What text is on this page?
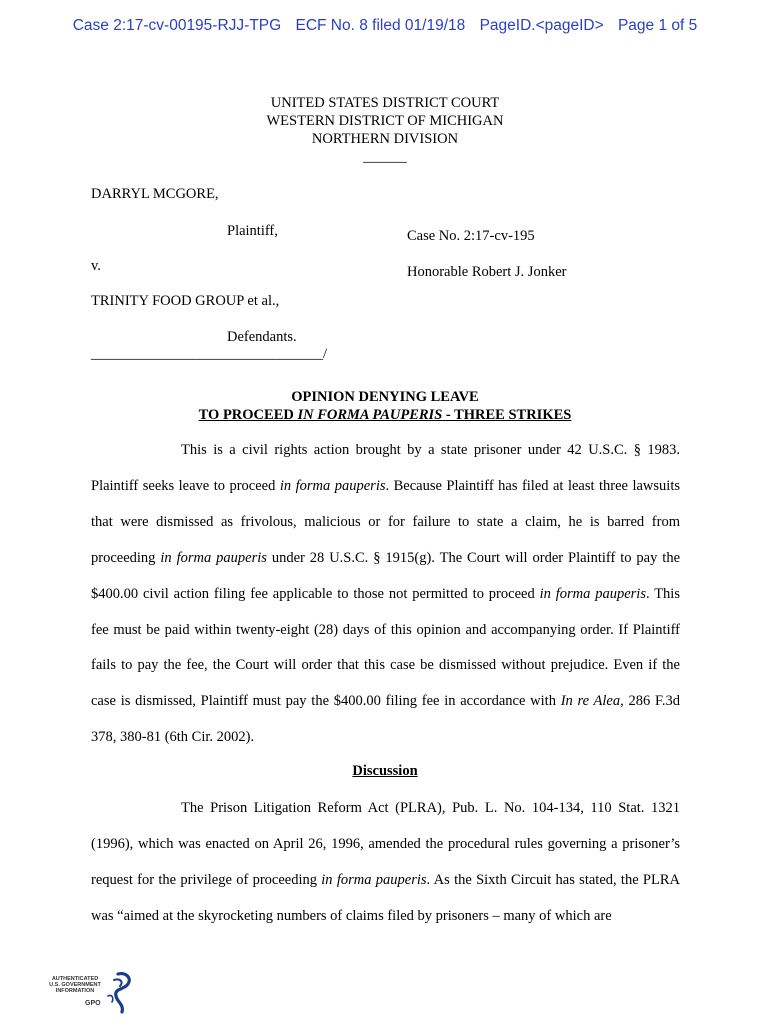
Case 2:17-cv-00195-RJJ-TPG ECF No. 8 filed 01/19/18 PageID.<pageID> Page 1 of 5
UNITED STATES DISTRICT COURT
WESTERN DISTRICT OF MICHIGAN
NORTHERN DIVISION
______
DARRYL MCGORE,
Plaintiff,	Case No. 2:17-cv-195
v.	Honorable Robert J. Jonker
TRINITY FOOD GROUP et al.,
Defendants.
________________________________/
OPINION DENYING LEAVE
TO PROCEED IN FORMA PAUPERIS - THREE STRIKES
This is a civil rights action brought by a state prisoner under 42 U.S.C. § 1983. Plaintiff seeks leave to proceed in forma pauperis. Because Plaintiff has filed at least three lawsuits that were dismissed as frivolous, malicious or for failure to state a claim, he is barred from proceeding in forma pauperis under 28 U.S.C. § 1915(g). The Court will order Plaintiff to pay the $400.00 civil action filing fee applicable to those not permitted to proceed in forma pauperis. This fee must be paid within twenty-eight (28) days of this opinion and accompanying order. If Plaintiff fails to pay the fee, the Court will order that this case be dismissed without prejudice. Even if the case is dismissed, Plaintiff must pay the $400.00 filing fee in accordance with In re Alea, 286 F.3d 378, 380-81 (6th Cir. 2002).
Discussion
The Prison Litigation Reform Act (PLRA), Pub. L. No. 104-134, 110 Stat. 1321 (1996), which was enacted on April 26, 1996, amended the procedural rules governing a prisoner’s request for the privilege of proceeding in forma pauperis. As the Sixth Circuit has stated, the PLRA was “aimed at the skyrocketing numbers of claims filed by prisoners – many of which are
AUTHENTICATED
U.S. GOVERNMENT
INFORMATION
GPO
